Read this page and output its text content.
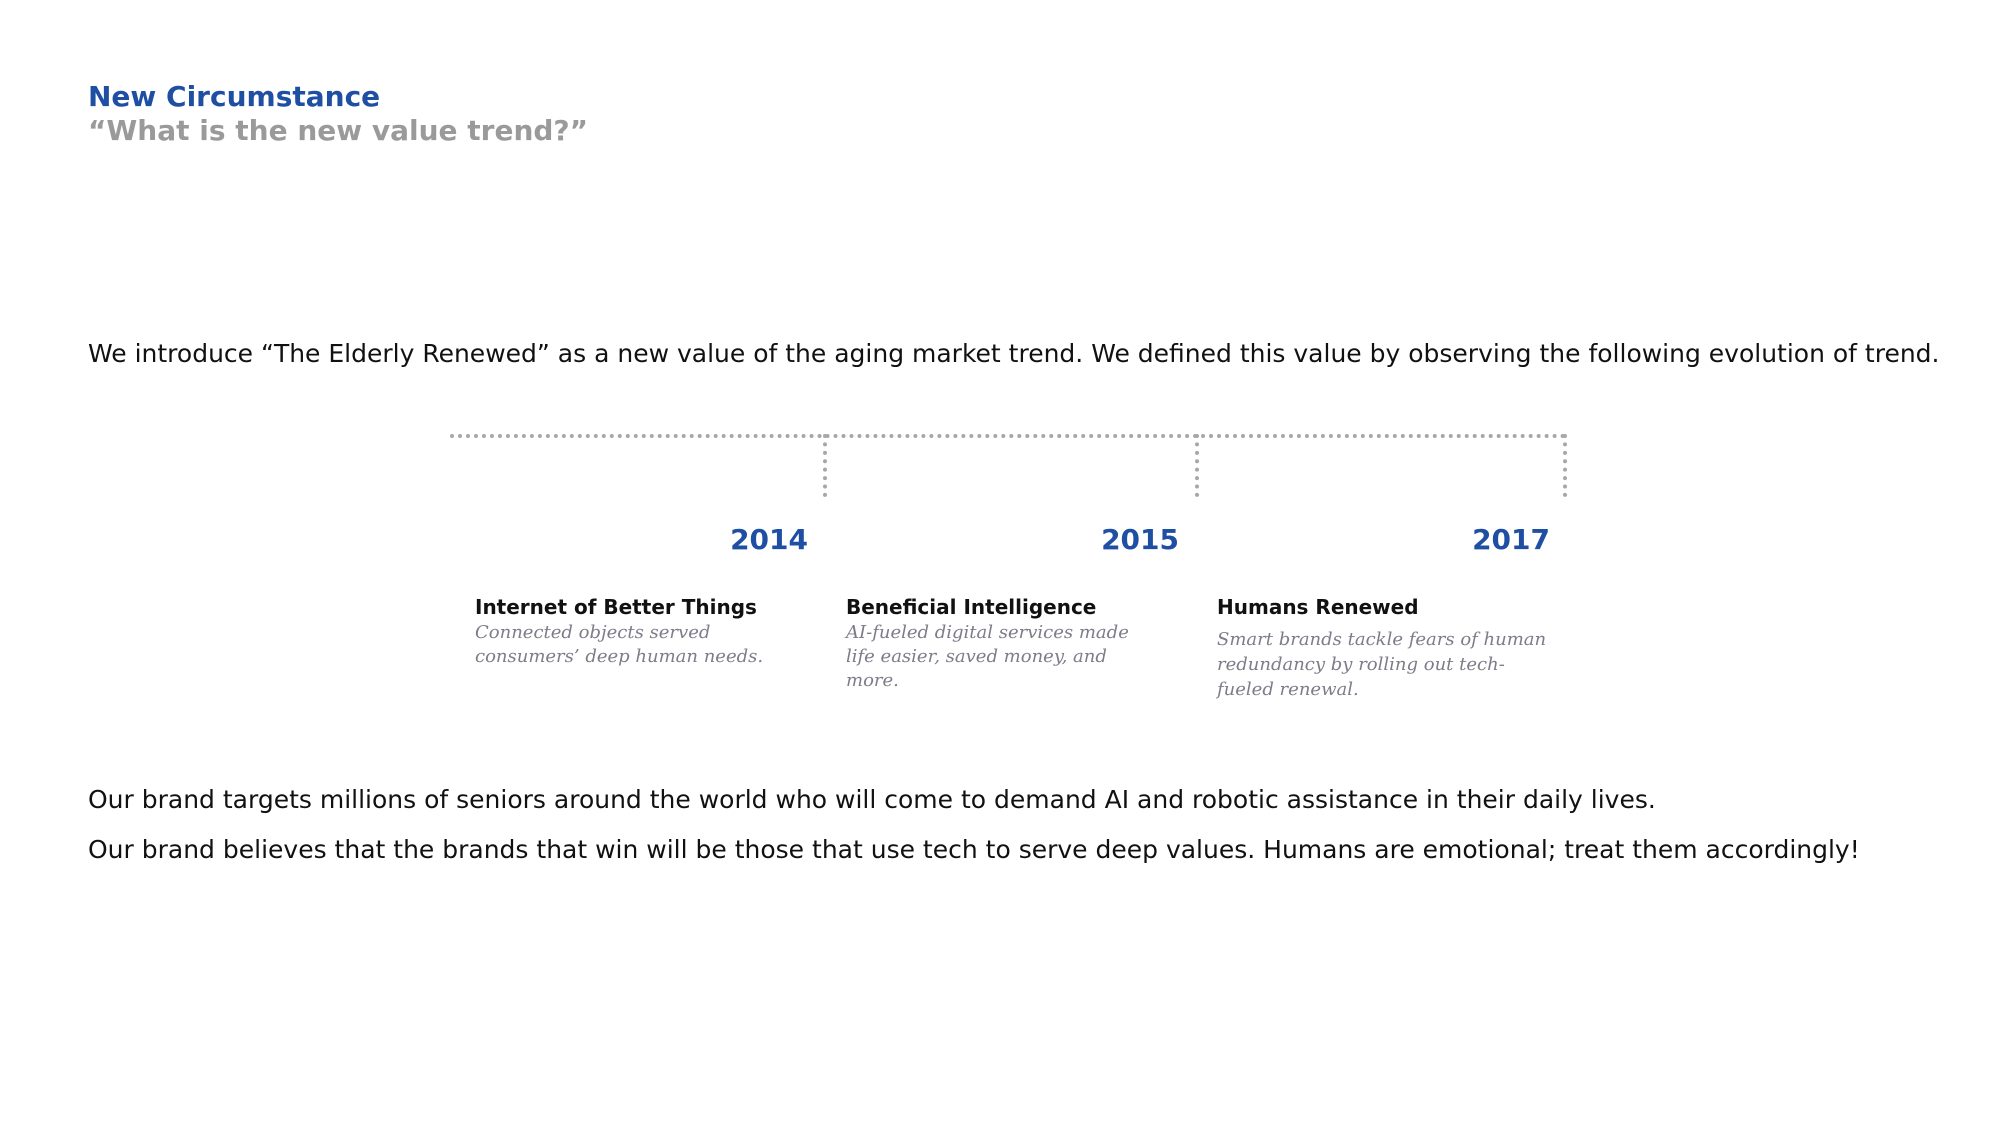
New Circumstance
“What is the new value trend?”
We introduce “The Elderly Renewed” as a new value of the aging market trend. We defined this value by observing the following evolution of trend.
2014	2015	2017
Internet of Better Things
Connected objects served consumers’ deep human needs.
Beneficial Intelligence
AI-fueled digital services made life easier, saved money, and more.
Humans Renewed
Smart brands tackle fears of human redundancy by rolling out tech-fueled renewal.
Our brand targets millions of seniors around the world who will come to demand AI and robotic assistance in their daily lives.
Our brand believes that the brands that win will be those that use tech to serve deep values. Humans are emotional; treat them accordingly!
